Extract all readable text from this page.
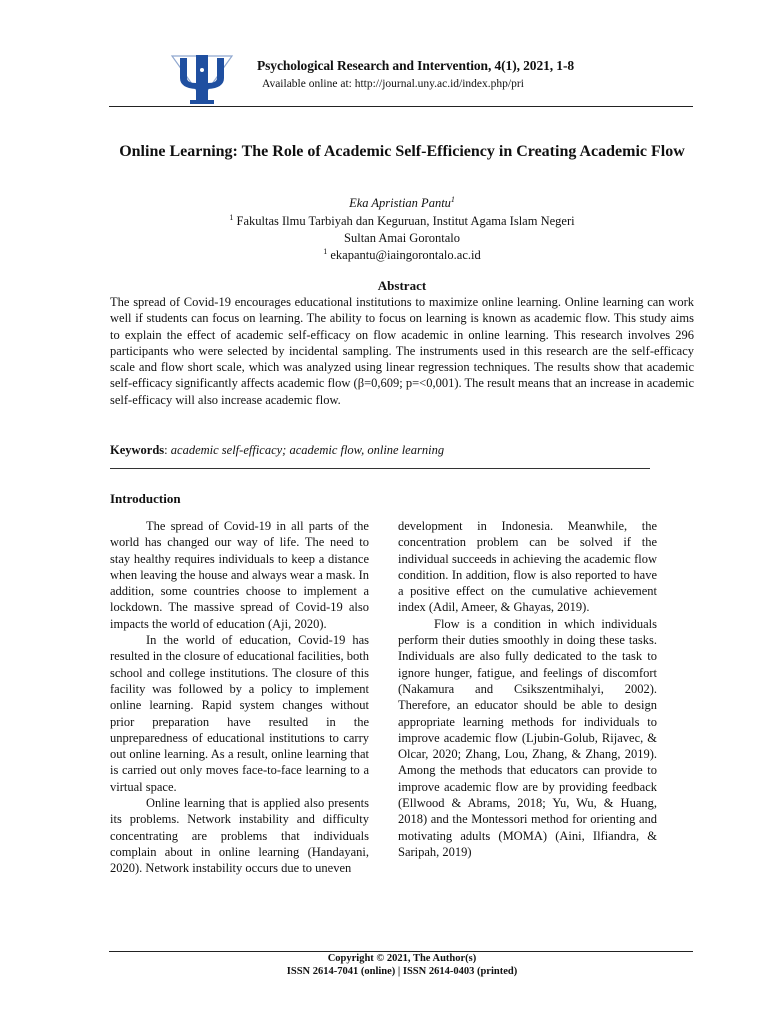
Psychological Research and Intervention, 4(1), 2021, 1-8
Available online at: http://journal.uny.ac.id/index.php/pri
Online Learning: The Role of Academic Self-Efficiency in Creating Academic Flow
Eka Apristian Pantu$^1$
$^1$ Fakultas Ilmu Tarbiyah dan Keguruan, Institut Agama Islam Negeri
Sultan Amai Gorontalo
$^1$ ekapantu@iaingorontalo.ac.id
Abstract
The spread of Covid-19 encourages educational institutions to maximize online learning. Online learning can work well if students can focus on learning. The ability to focus on learning is known as academic flow. This study aims to explain the effect of academic self-efficacy on flow academic in online learning. This research involves 296 participants who were selected by incidental sampling. The instruments used in this research are the self-efficacy scale and flow short scale, which was analyzed using linear regression techniques. The results show that academic self-efficacy significantly affects academic flow (β=0,609; p=<0,001). The result means that an increase in academic self-efficacy will also increase academic flow.
Keywords: academic self-efficacy; academic flow, online learning
Introduction

The spread of Covid-19 in all parts of the world has changed our way of life. The need to stay healthy requires individuals to keep a distance when leaving the house and always wear a mask. In addition, some countries choose to implement a lockdown. The massive spread of Covid-19 also impacts the world of education (Aji, 2020).

In the world of education, Covid-19 has resulted in the closure of educational facilities, both school and college institutions. The closure of this facility was followed by a policy to implement online learning. Rapid system changes without prior preparation have resulted in the unpreparedness of educational institutions to carry out online learning. As a result, online learning that is carried out only moves face-to-face learning to a virtual space.

Online learning that is applied also presents its problems. Network instability and difficulty concentrating are problems that individuals complain about in online learning (Handayani, 2020). Network instability occurs due to uneven

development in Indonesia. Meanwhile, the concentration problem can be solved if the individual succeeds in achieving the academic flow condition. In addition, flow is also reported to have a positive effect on the cumulative achievement index (Adil, Ameer, & Ghayas, 2019).

Flow is a condition in which individuals perform their duties smoothly in doing these tasks. Individuals are also fully dedicated to the task to ignore hunger, fatigue, and feelings of discomfort (Nakamura and Csikszentmihalyi, 2002). Therefore, an educator should be able to design appropriate learning methods for individuals to improve academic flow (Ljubin-Golub, Rijavec, & Olcar, 2020; Zhang, Lou, Zhang, & Zhang, 2019). Among the methods that educators can provide to improve academic flow are by providing feedback (Ellwood & Abrams, 2018; Yu, Wu, & Huang, 2018) and the Montessori method for orienting and motivating adults (MOMA) (Aini, Ilfiandra, & Saripah, 2019)

Copyright © 2021, The Author(s)
ISSN 2614-7041 (online) | ISSN 2614-0403 (printed)
